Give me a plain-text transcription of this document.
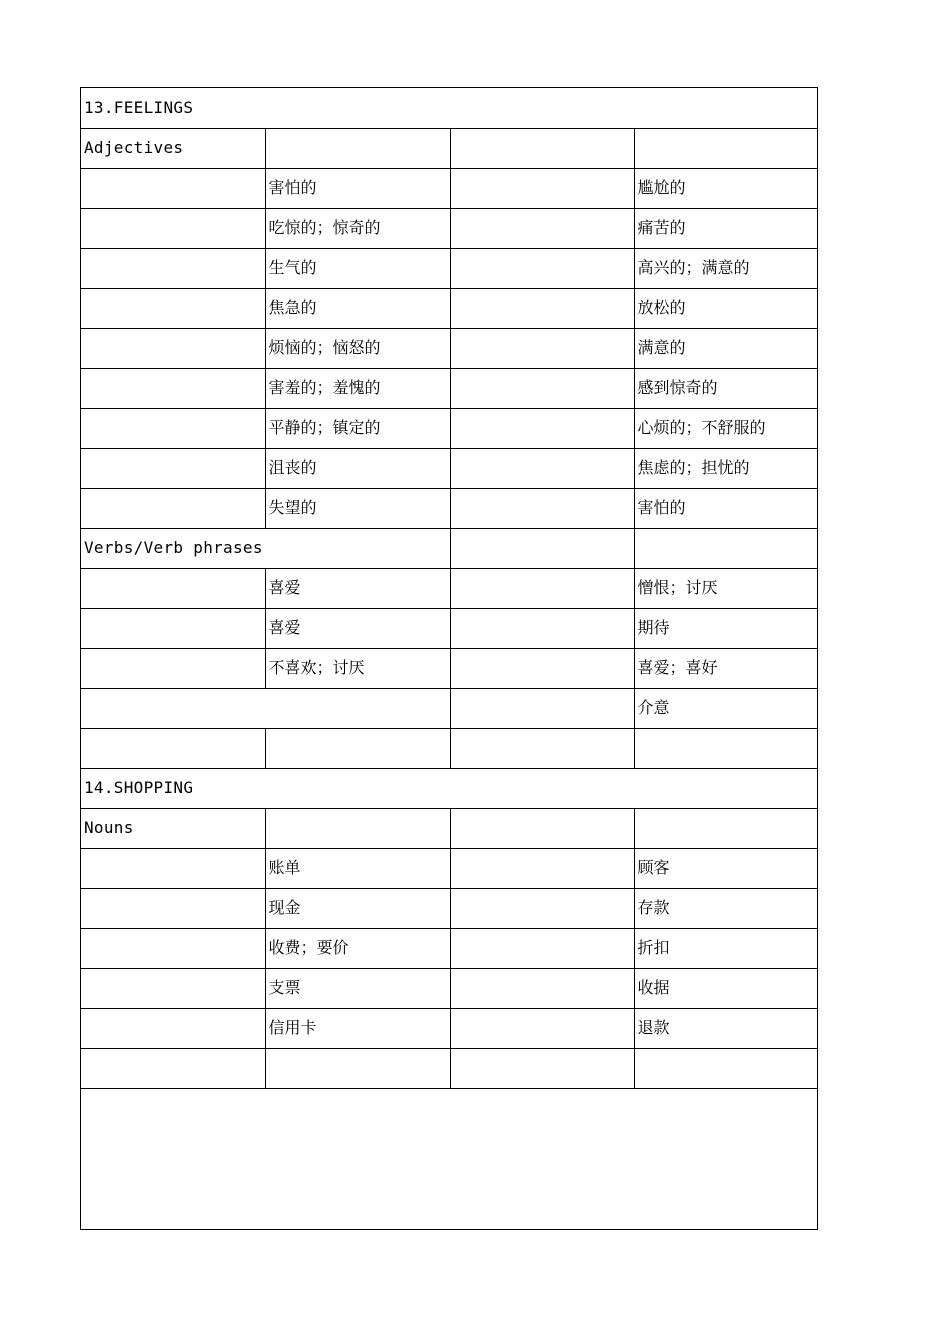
13.FEELINGS			
Adjectives			
	害怕的		尴尬的
	吃惊的；惊奇的		痛苦的
	生气的		高兴的；满意的
	焦急的		放松的
	烦恼的；恼怒的		满意的
	害羞的；羞愧的		感到惊奇的
	平静的；镇定的		心烦的；不舒服的
	沮丧的		焦虑的；担忧的
	失望的		害怕的
Verbs/Verb phrases			
	喜爱		憎恨；讨厌
	喜爱		期待
	不喜欢；讨厌		喜爱；喜好
			介意

14.SHOPPING			
Nouns			
	账单		顾客
	现金		存款
	收费；要价		折扣
	支票		收据
	信用卡		退款
